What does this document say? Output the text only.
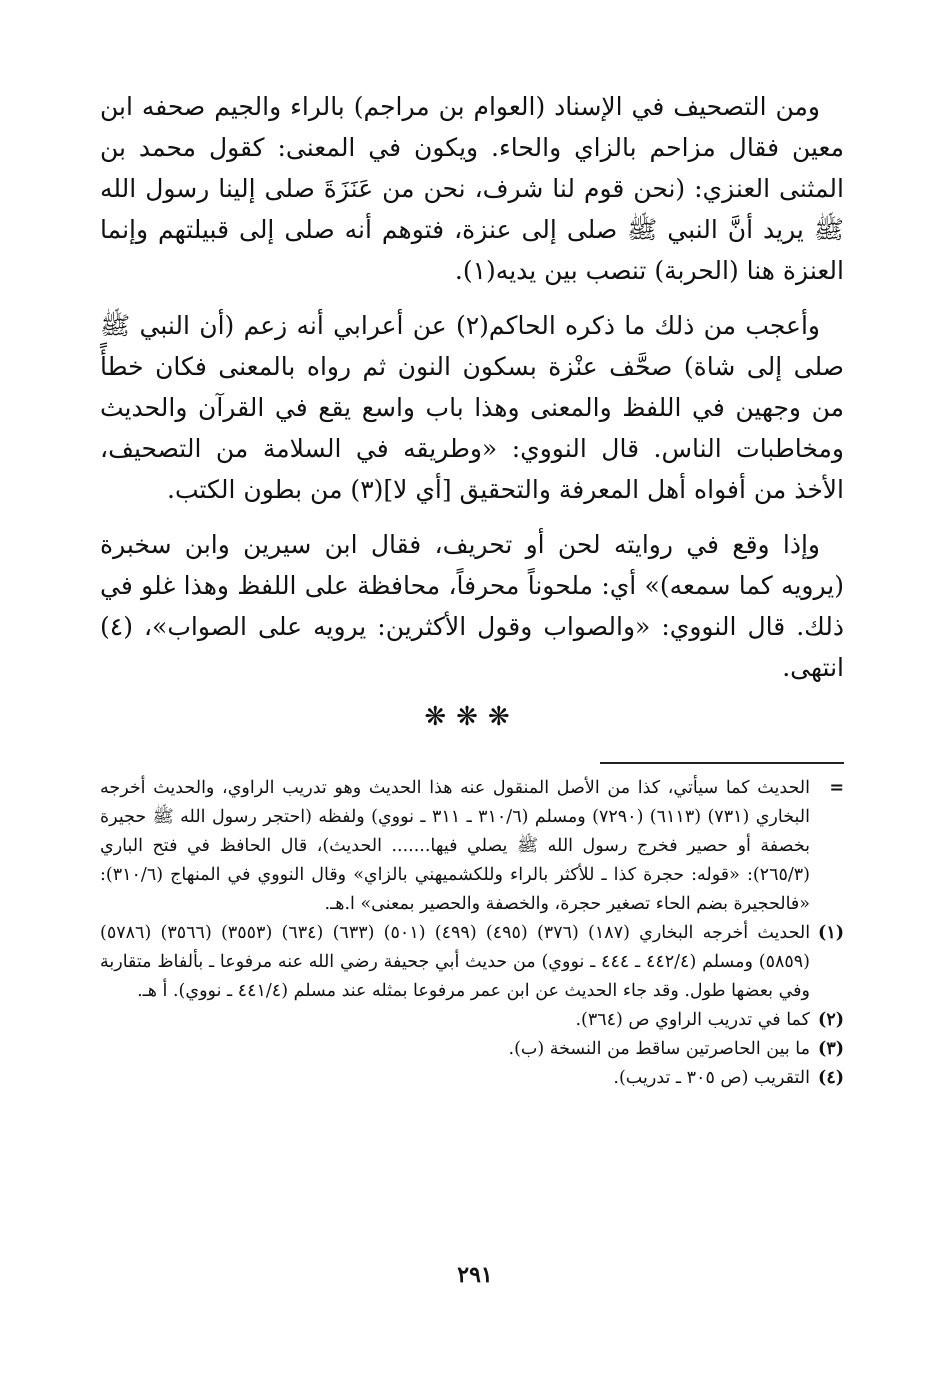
ومن التصحيف في الإسناد (العوام بن مراجم) بالراء والجيم صحفه ابن معين فقال مزاحم بالزاي والحاء. ويكون في المعنى: كقول محمد بن المثنى العنزي: (نحن قوم لنا شرف، نحن من عَنَزَةَ صلى إلينا رسول الله ﷺ يريد أنَّ النبي ﷺ صلى إلى عنزة، فتوهم أنه صلى إلى قبيلتهم وإنما العنزة هنا (الحربة) تنصب بين يديه(١).

وأعجب من ذلك ما ذكره الحاكم(٢) عن أعرابي أنه زعم (أن النبي ﷺ صلى إلى شاة) صحَّف عنْزة بسكون النون ثم رواه بالمعنى فكان خطأً من وجهين في اللفظ والمعنى وهذا باب واسع يقع في القرآن والحديث ومخاطبات الناس. قال النووي: «وطريقه في السلامة من التصحيف، الأخذ من أفواه أهل المعرفة والتحقيق [أي لا](٣) من بطون الكتب.

وإذا وقع في روايته لحن أو تحريف، فقال ابن سيرين وابن سخبرة (يرويه كما سمعه)» أي: ملحوناً محرفاً، محافظة على اللفظ وهذا غلو في ذلك. قال النووي: «والصواب وقول الأكثرين: يرويه على الصواب»، (٤) انتهى.

❋❋❋
=
الحديث كما سيأتي، كذا من الأصل المنقول عنه هذا الحديث وهو تدريب الراوي، والحديث أخرجه البخاري (٧٣١) (٦١١٣) (٧٢٩٠) ومسلم (٣١٠/٦ ـ ٣١١ ـ نووي) ولفظه (احتجر رسول الله ﷺ حجيرة بخصفة أو حصير فخرج رسول الله ﷺ يصلي فيها....... الحديث)، قال الحافظ في فتح الباري (٢٦٥/٣): «قوله: حجرة كذا ـ للأكثر بالراء وللكشميهني بالزاي» وقال النووي في المنهاج (٣١٠/٦): «فالحجيرة بضم الحاء تصغير حجرة، والخصفة والحصير بمعنى» ا.هـ.
(١)
الحديث أخرجه البخاري (١٨٧) (٣٧٦) (٤٩٥) (٤٩٩) (٥٠١) (٦٣٣) (٦٣٤) (٣٥٥٣) (٣٥٦٦) (٥٧٨٦) (٥٨٥٩) ومسلم (٤٤٢/٤ ـ ٤٤٤ ـ نووي) من حديث أبي جحيفة رضي الله عنه مرفوعا ـ بألفاظ متقاربة وفي بعضها طول. وقد جاء الحديث عن ابن عمر مرفوعا بمثله عند مسلم (٤٤١/٤ ـ نووي). أ هـ.
(٢)
كما في تدريب الراوي ص (٣٦٤).
(٣)
ما بين الحاصرتين ساقط من النسخة (ب).
(٤)
التقريب (ص ٣٠٥ ـ تدريب).
٢٩١
